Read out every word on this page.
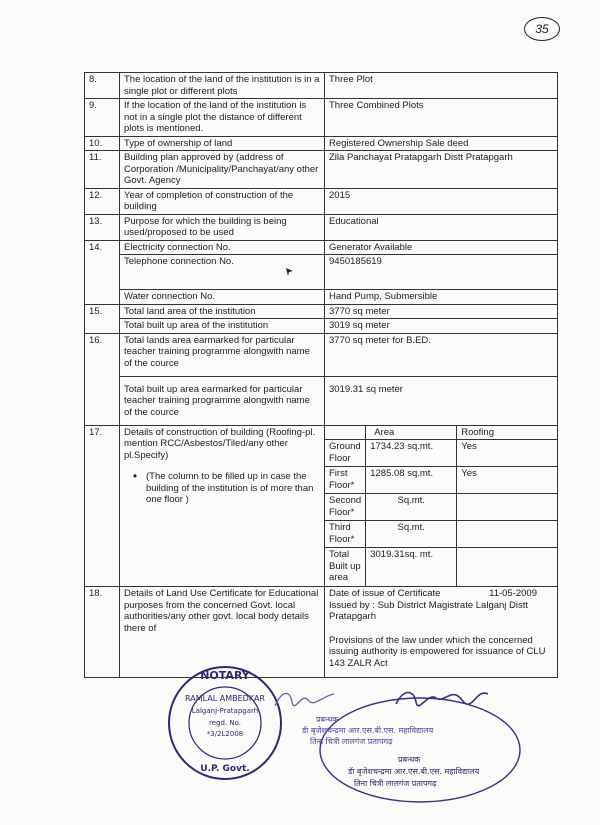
35
8.	The location of the land of the institution is in a single plot or different plots	Three Plot
9.	If the location of the land of the institution is not in a single plot the distance of different plots is mentioned.	Three Combined Plots
10.	Type of ownership of land	Registered Ownership Sale deed
11.	Building plan approved by (address of Corporation /Municipality/Panchayat/any other Govt. Agency	Zila Panchayat Pratapgarh Distt Pratapgarh
12.	Year of completion of construction of the building	2015
13.	Purpose for which the building is being used/proposed to be used	Educational
14.	Electricity connection No.	Generator Available
Telephone connection No.	9450185619
Water connection No.	Hand Pump, Submersible
15.	Total land area of the institution	3770 sq meter
Total built up area of the institution	3019 sq meter
16.	Total lands area earmarked for particular teacher training programme alongwith name of the cource	3770 sq meter for B.ED.
Total built up area earmarked for particular teacher training programme alongwith name of the cource	3019.31 sq meter
17.	Details of construction of building (Roofing-pl. mention RCC/Asbestos/Tiled/any other pl.Specify)
• (The column to be filled up in case the building of the institution is of more than one floor )

	Area	Roofing
Ground Floor	1734.23 sq.mt.	Yes
First Floor*	1285.08 sq.mt.	Yes
Second Floor*	Sq.mt.	
Third Floor*	Sq.mt.	
Total Built up area	3019.31sq. mt.	

18.	Details of Land Use Certificate for Educational purposes from the concerned Govt. local authorities/any other govt. local body details there of	
Date of issue of Certificate	11-05-2009
Issued by : Sub District Magistrate Lalganj Distt Pratapgarh
Provisions of the law under which the concerned issuing authority is empowered for issuance of CLU 143 ZALR Act
NOTARY
RAMLAL AMBEDKAR
Lalganj-Pratapgarh
regd. No.
*3/2L2008
U.P. Govt.
प्रबन्धक
डॅा बृजेशचन्द्रमा आर.एस.बी.एस. महाविद्यालय
तिना चित्री लालगंज प्रतापगढ़
प्रबन्धक
डॅा बृजेशचन्द्रमा आर.एस.बी.एस. महाविद्यालय
तिना चित्री लालगंज प्रतापगढ़
